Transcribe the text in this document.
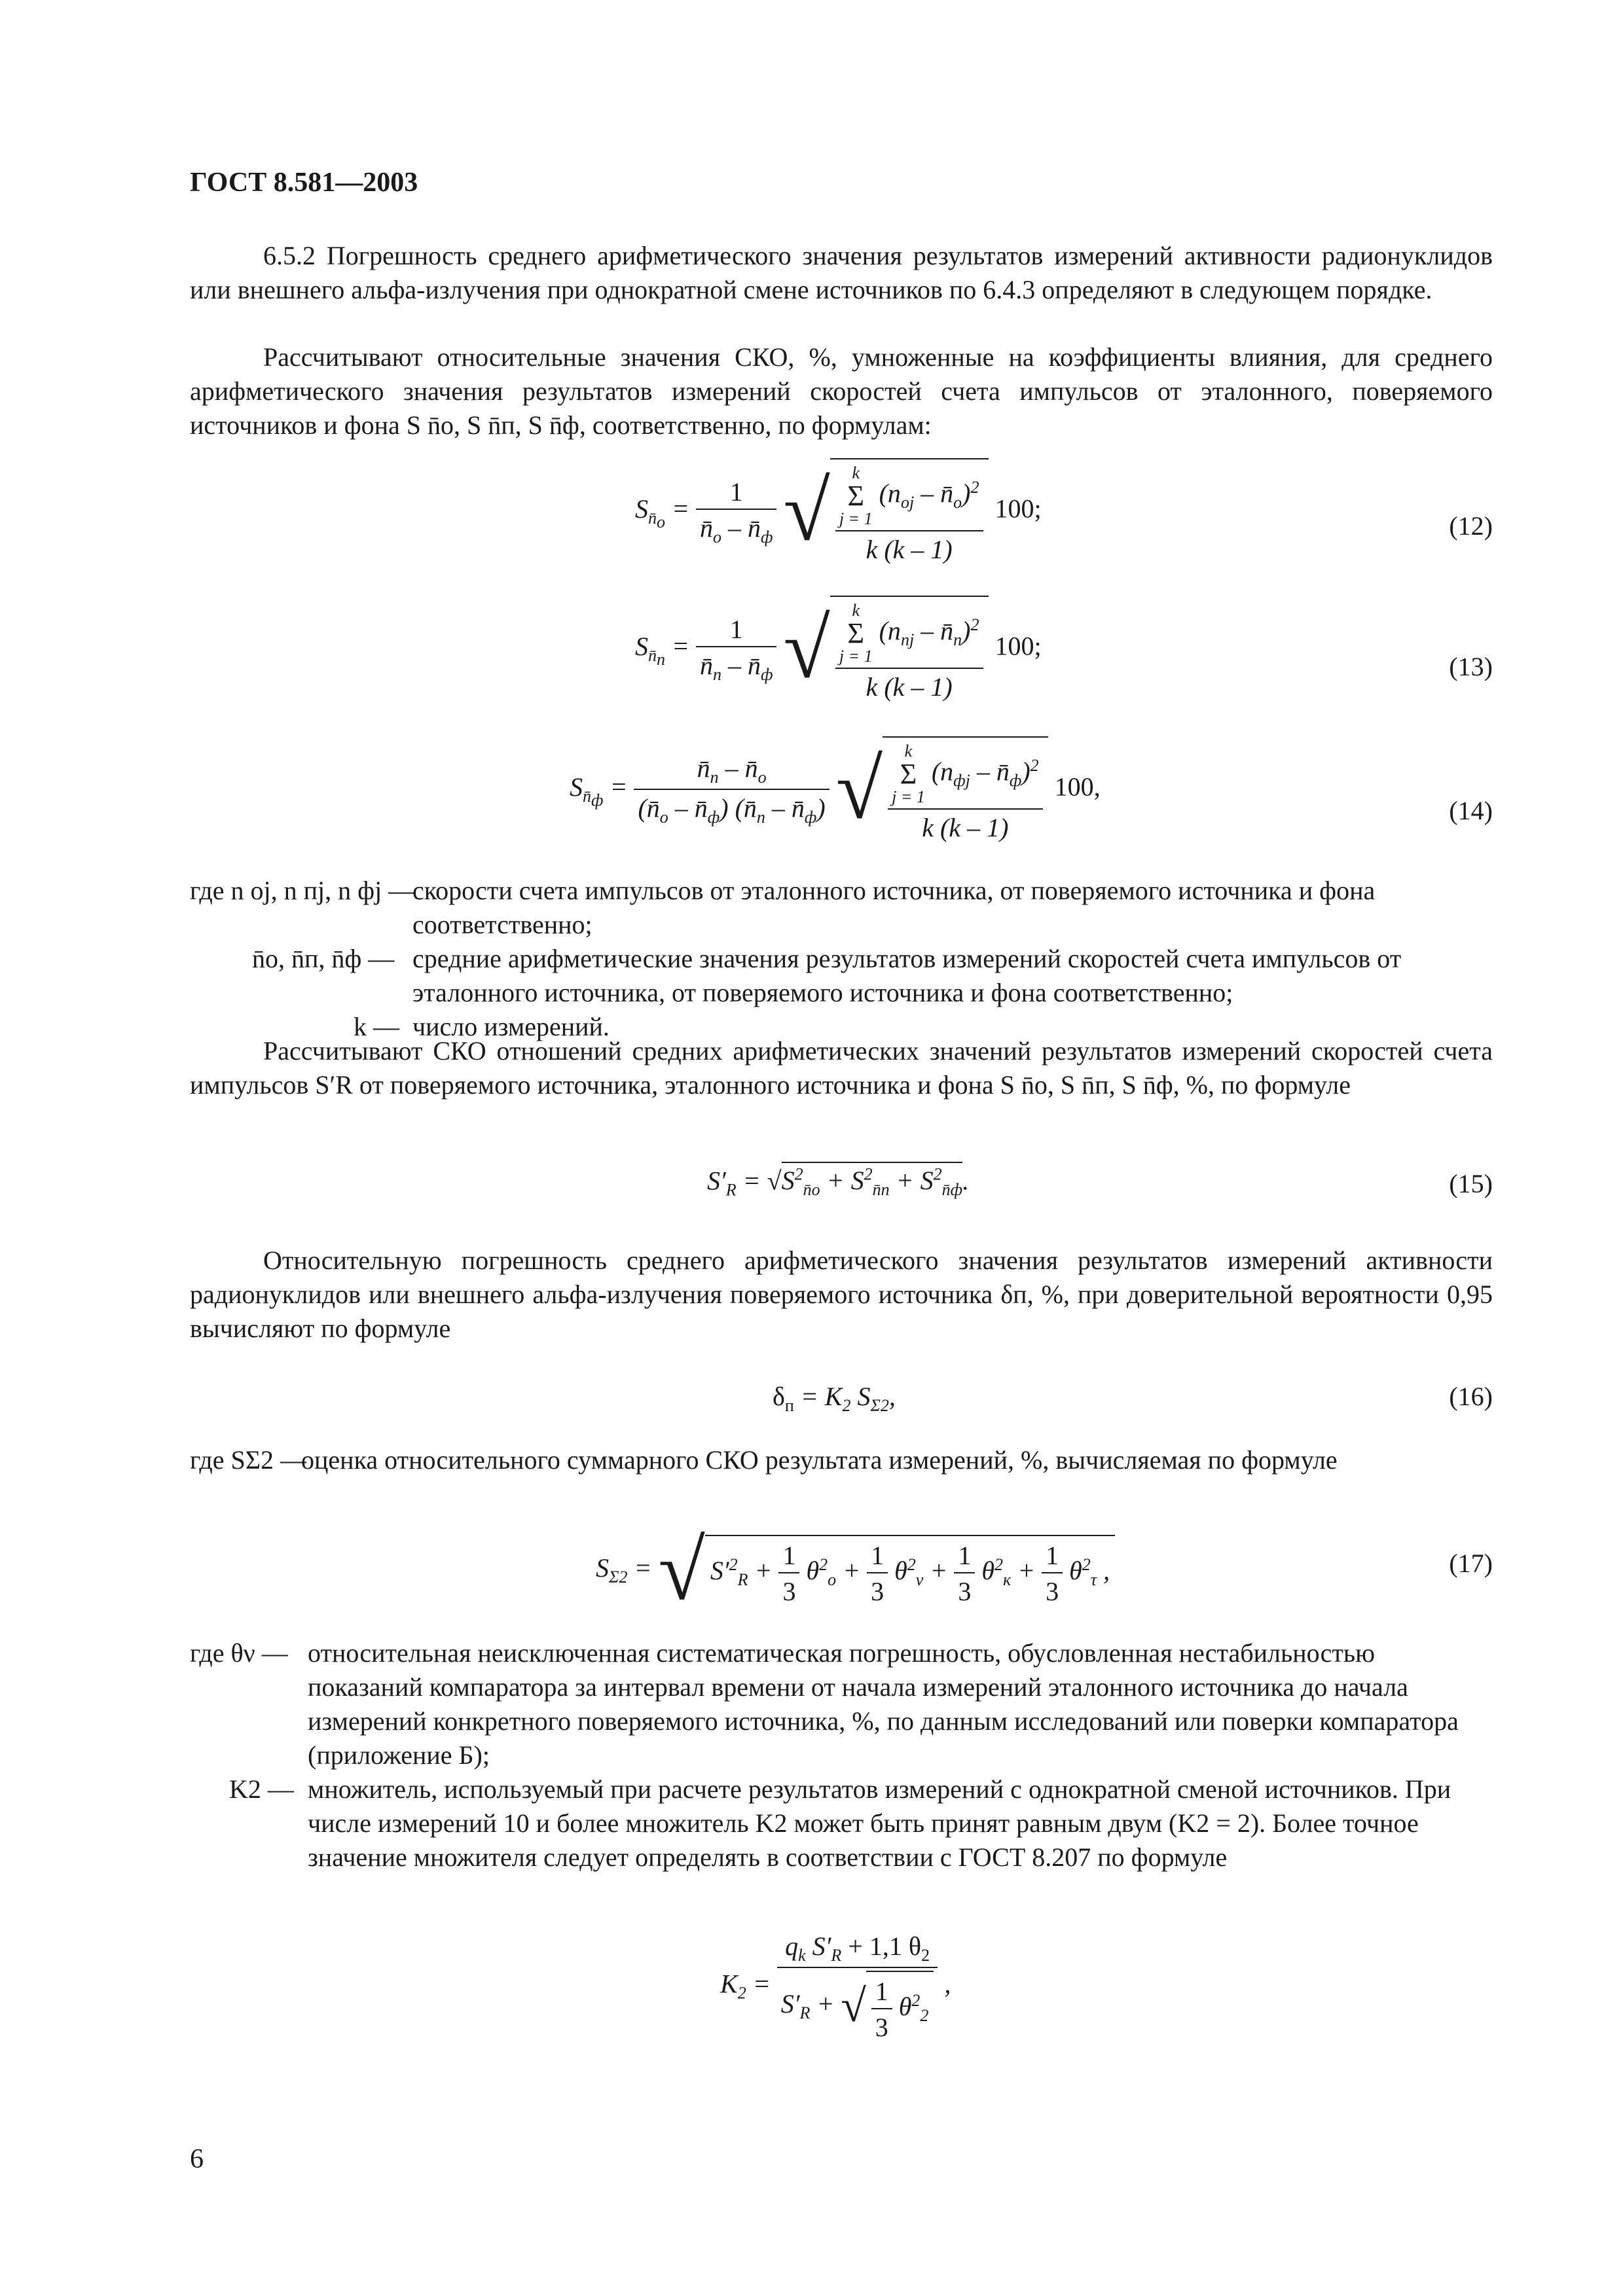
ГОСТ 8.581—2003

6.5.2 Погрешность среднего арифметического значения результатов измерений активности радионуклидов или внешнего альфа-излучения при однократной смене источников по 6.4.3 определяют в следующем порядке.

Рассчитывают относительные значения СКО, %, умноженные на коэффициенты влияния, для среднего арифметического значения результатов измерений скоростей счета импульсов от эталонного, поверяемого источников и фона S n̄o, S n̄п, S n̄ф, соответственно, по формулам:

$S_{n̄_o} = \frac{1}{n̄_o - n̄_ф}$ √ k
Σ
j = 1 ($n_{oj}$ – $n̄_o)^2$
k (k – 1) 100;
(12)
$S_{n̄_п} = \frac{1}{n̄_п - n̄_ф}$ √ k
Σ
j = 1 ($n_{пj}$ – $n̄_п)^2$
k (k – 1) 100;
(13)
$S_{n̄_ф} = \frac{n̄_п - n̄_o}{(n̄_o - n̄_ф) (n̄_п - n̄_ф)}$ √ k
Σ
j = 1 ($n_{фj}$ – $n̄_ф)^2$
k (k – 1) 100,
(14)

где n oj, n пj, n фj —
скорости счета импульсов от эталонного источника, от поверяемого источника и фона соответственно;

n̄o, n̄п, n̄ф — средние арифметические значения результатов измерений скоростей счета импульсов от эталонного источника, от поверяемого источника и фона соответственно;

k — число измерений.

Рассчитывают СКО отношений средних арифметических значений результатов измерений скоростей счета импульсов S′R от поверяемого источника, эталонного источника и фона S n̄o, S n̄п, S n̄ф, %, по формуле

$S'_R = √S^2_{n̄o} + S^2_{n̄п} + S^2_{n̄ф}$.	(15)

Относительную погрешность среднего арифметического значения результатов измерений активности радионуклидов или внешнего альфа-излучения поверяемого источника δп, %, при доверительной вероятности 0,95 вычисляют по формуле

$\delta_п = K_2$ $S_{\Sigma 2}$,	(16)

где SΣ2 —
оценка относительного суммарного СКО результата измерений, %, вычисляемая по формуле

$S_{\Sigma 2} = √S'^2_R + \frac{1}{3} \theta^2_o + \frac{1}{3} \theta^2_\nu + \frac{1}{3} \theta^2_к + \frac{1}{3} \theta^2_\tau$ ,	(17)

где θν — относительная неисключенная систематическая погрешность, обусловленная нестабильностью показаний компаратора за интервал времени от начала измерений эталонного источника до начала измерений конкретного поверяемого источника, %, по данным исследований или поверки компаратора (приложение Б);

K2 — множитель, используемый при расчете результатов измерений с однократной сменой источников. При числе измерений 10 и более множитель K2 может быть принят равным двум (K2 = 2). Более точное значение множителя следует определять в соответствии с ГОСТ 8.207 по формуле

$K_2 = \frac{q_k S'_R + 1,1 \theta_2}{S'_R + √ \frac{1}{3} \theta^2_2}$ ,
6
